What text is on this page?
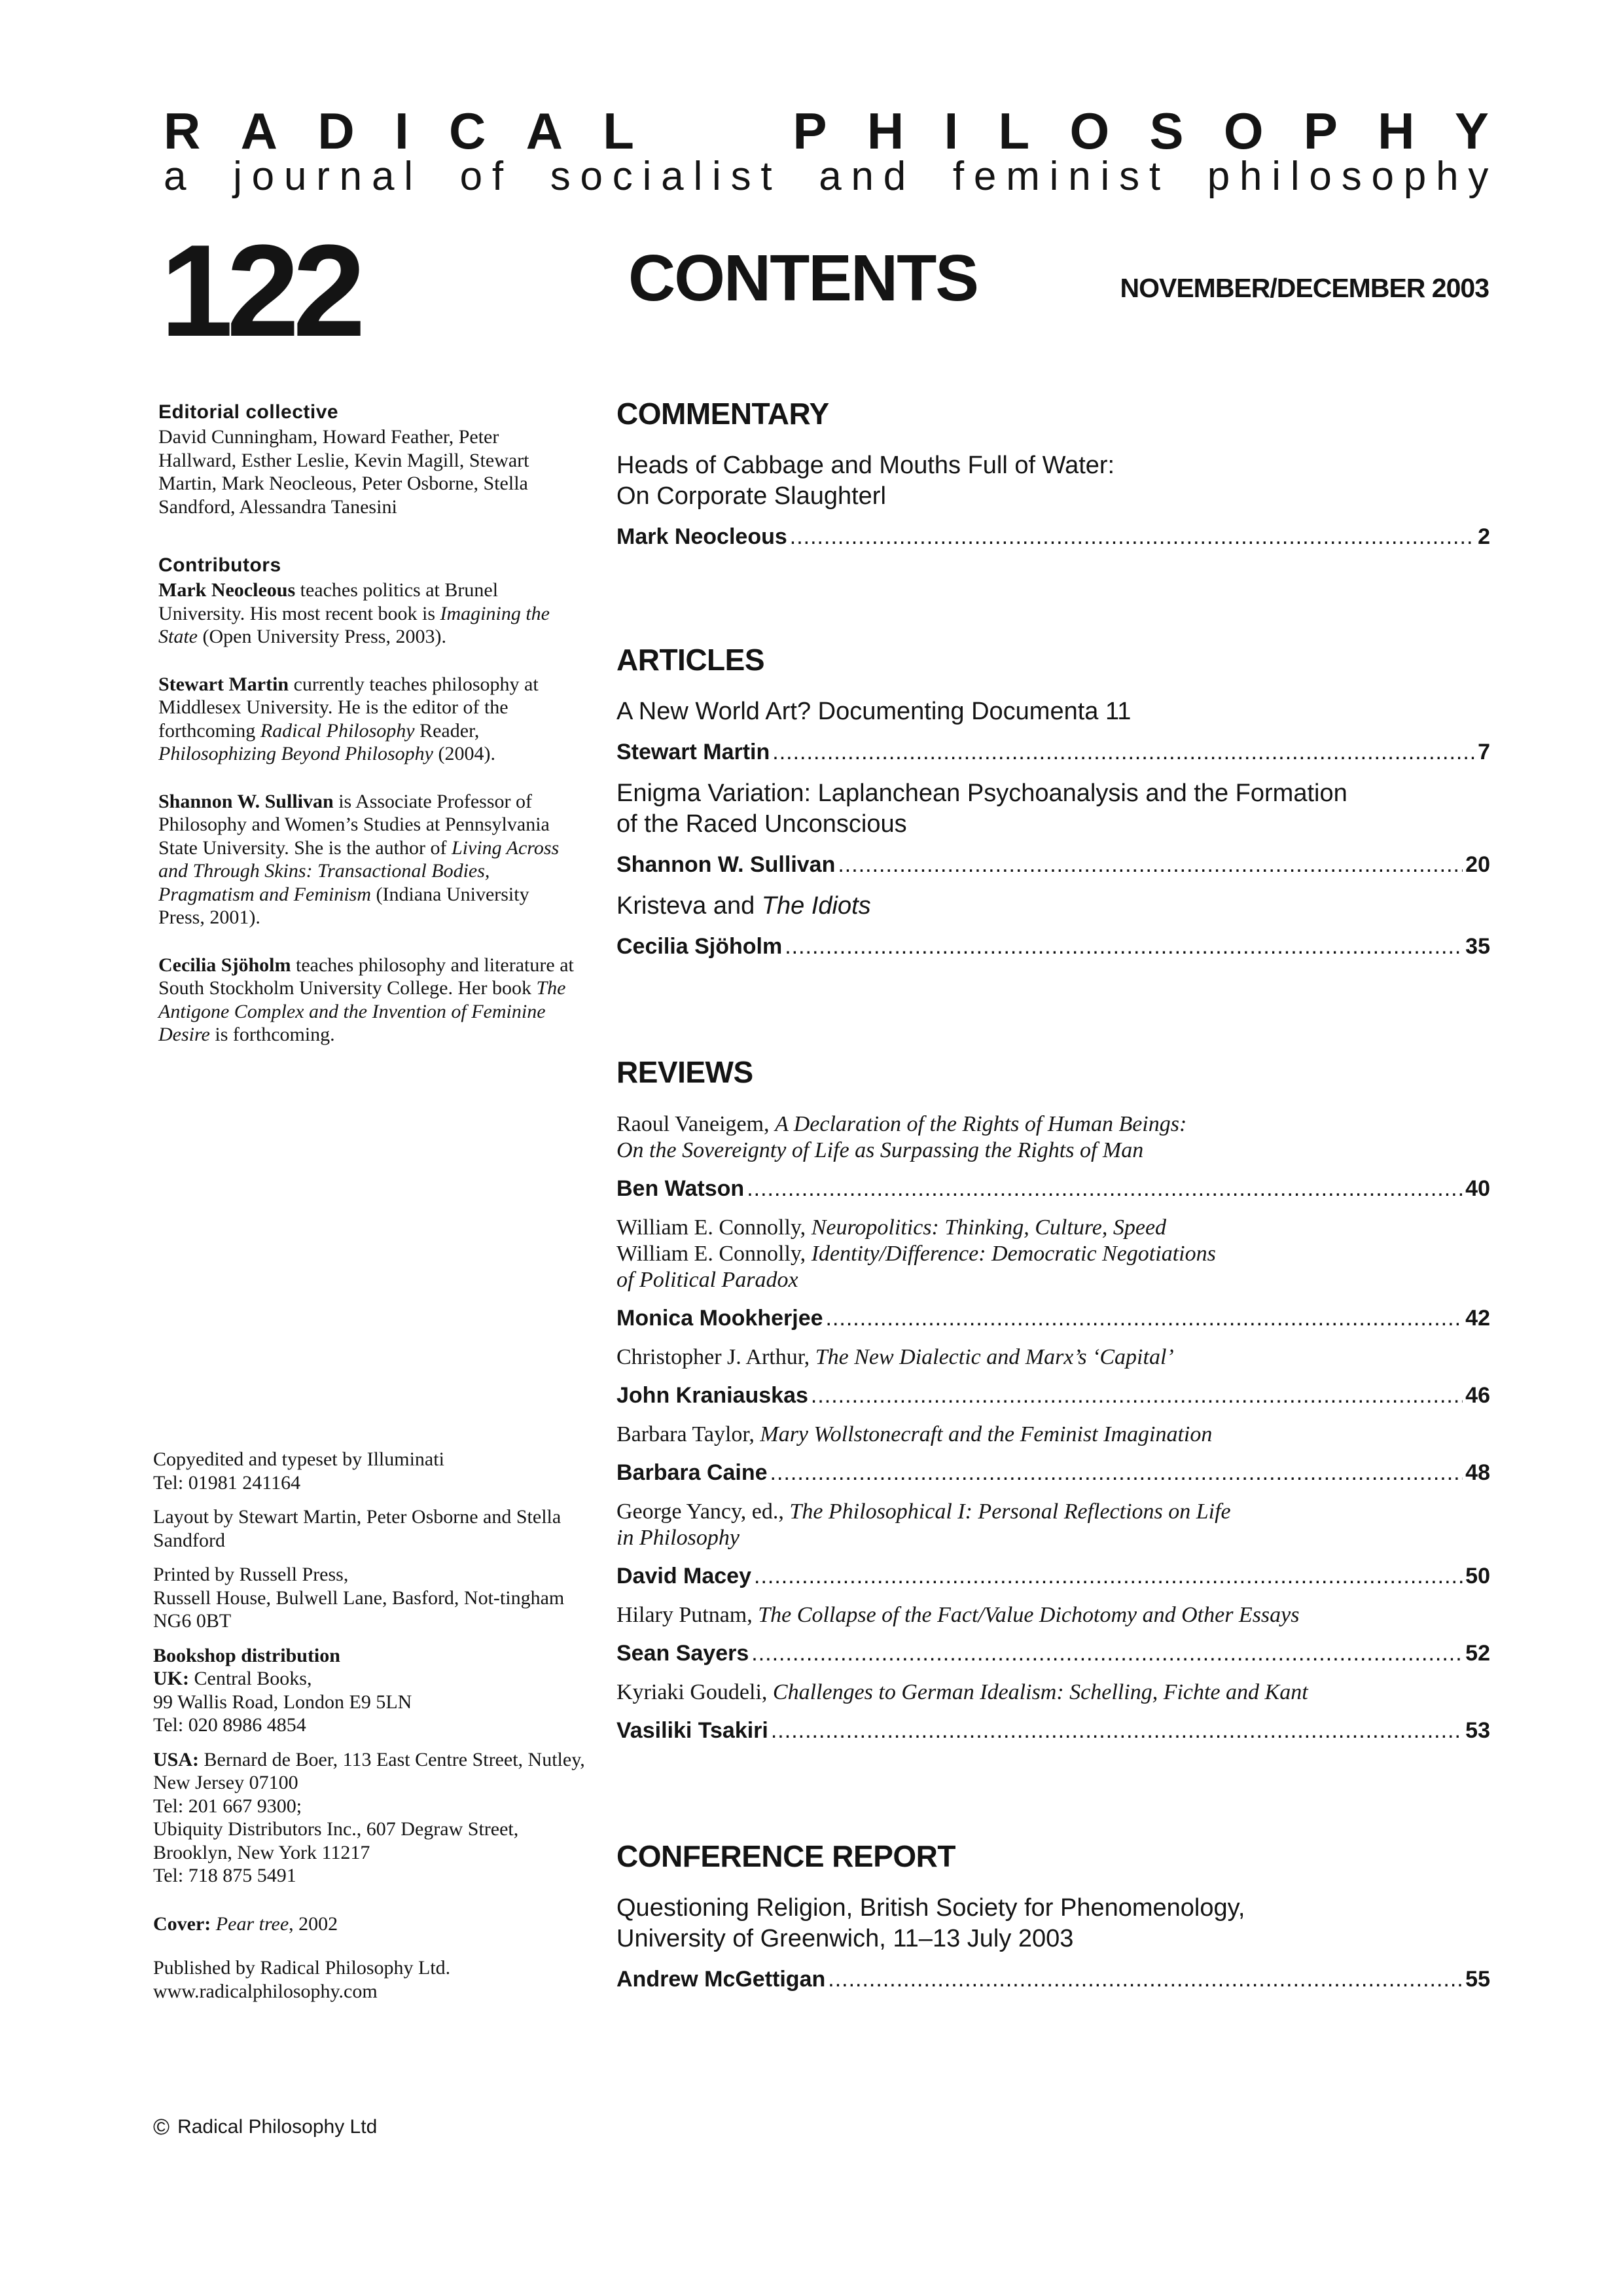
R A D I C A L	P H I L O S O P H Y
a j o u r n a l o f s o c i a l i s t a n d f e m i n i s t p h i l o s o p h y
122	CONTENTS	NOVEMBER/DECEMBER 2003
Editorial collective
David Cunningham, Howard Feather, Peter Hallward, Esther Leslie, Kevin Magill, Stewart Martin, Mark Neocleous, Peter Osborne, Stella Sandford, Alessandra Tanesini
Contributors
Mark Neocleous teaches politics at Brunel University. His most recent book is Imagining the State (Open University Press, 2003).
Stewart Martin currently teaches philosophy at Middlesex University. He is the editor of the forthcoming Radical Philosophy Reader, Philosophizing Beyond Philosophy (2004).
Shannon W. Sullivan is Associate Professor of Philosophy and Women’s Studies at Pennsylvania State University. She is the author of Living Across and Through Skins: Transactional Bodies, Pragmatism and Feminism (Indiana University Press, 2001).
Cecilia Sjöholm teaches philosophy and literature at South Stockholm University College. Her book The Antigone Complex and the Invention of Feminine Desire is forthcoming.
Copyedited and typeset by Illuminati
Tel: 01981 241164
Layout by Stewart Martin, Peter Osborne and Stella Sandford
Printed by Russell Press,
Russell House, Bulwell Lane, Basford, Not-tingham NG6 0BT
Bookshop distribution
UK: Central Books,
99 Wallis Road, London E9 5LN
Tel: 020 8986 4854
USA: Bernard de Boer, 113 East Centre Street, Nutley, New Jersey 07100
Tel: 201 667 9300;
Ubiquity Distributors Inc., 607 Degraw Street, Brooklyn, New York 11217
Tel: 718 875 5491
Cover: Pear tree, 2002
Published by Radical Philosophy Ltd.
www.radicalphilosophy.com
© Radical Philosophy Ltd
COMMENTARY
Heads of Cabbage and Mouths Full of Water:
On Corporate Slaughterl
Mark Neocleous .....	2
ARTICLES
A New World Art? Documenting Documenta 11
Stewart Martin .....	7
Enigma Variation: Laplanchean Psychoanalysis and the Formation
of the Raced Unconscious
Shannon W. Sullivan .....	20
Kristeva and The Idiots
Cecilia Sjöholm .....	35
REVIEWS
Raoul Vaneigem, A Declaration of the Rights of Human Beings:
On the Sovereignty of Life as Surpassing the Rights of Man
Ben Watson .....	40
William E. Connolly, Neuropolitics: Thinking, Culture, Speed
William E. Connolly, Identity/Difference: Democratic Negotiations
of Political Paradox
Monica Mookherjee .....	42
Christopher J. Arthur, The New Dialectic and Marx’s ‘Capital’
John Kraniauskas .....	46
Barbara Taylor, Mary Wollstonecraft and the Feminist Imagination
Barbara Caine .....	48
George Yancy, ed., The Philosophical I: Personal Reflections on Life
in Philosophy
David Macey .....	50
Hilary Putnam, The Collapse of the Fact/Value Dichotomy and Other Essays
Sean Sayers .....	52
Kyriaki Goudeli, Challenges to German Idealism: Schelling, Fichte and Kant
Vasiliki Tsakiri .....	53
CONFERENCE REPORT
Questioning Religion, British Society for Phenomenology,
University of Greenwich, 11–13 July 2003
Andrew McGettigan .....	55
